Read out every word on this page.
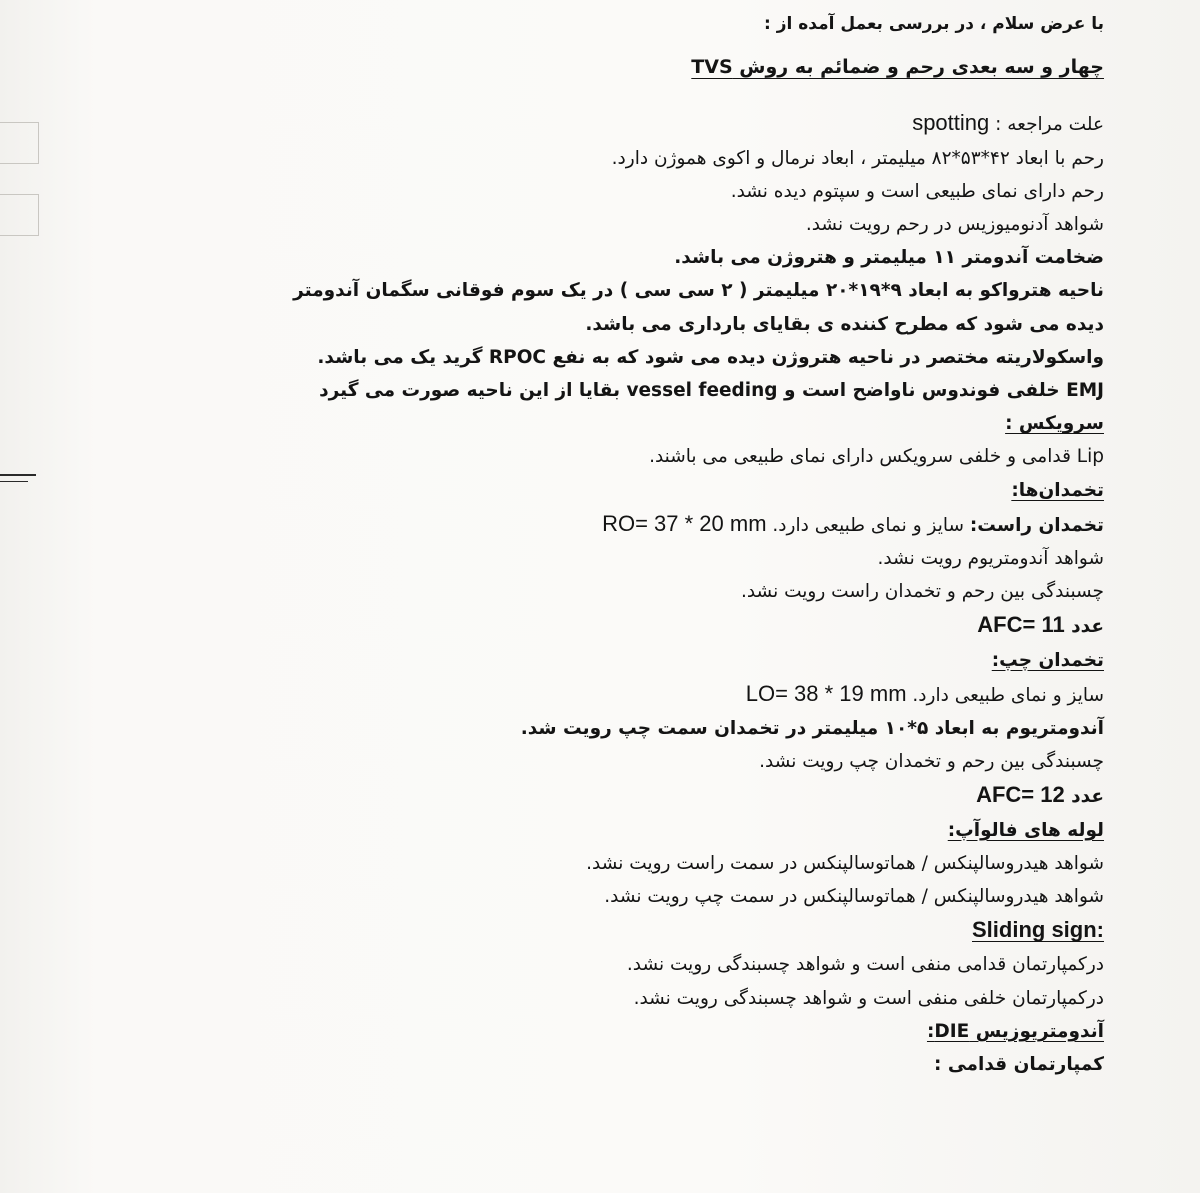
با عرض سلام ، در بررسی بعمل آمده از :
چهار و سه بعدی رحم و ضمائم به روش TVS
علت مراجعه : spotting
رحم با ابعاد ۴۲*۵۳*۸۲ میلیمتر ، ابعاد نرمال و اکوی هموژن دارد.
رحم دارای نمای طبیعی است و سپتوم دیده نشد.
شواهد آدنومیوزیس در رحم رویت نشد.
ضخامت آندومتر ۱۱ میلیمتر و هتروژن می باشد.
ناحیه هترواکو به ابعاد ۹*۱۹*۲۰ میلیمتر ( ۲ سی سی ) در یک سوم فوقانی سگمان آندومتر
دیده می شود که مطرح کننده ی بقایای بارداری می باشد.
واسکولاریته مختصر در ناحیه هتروژن دیده می شود که به نفع RPOC گرید یک می باشد.
EMJ خلفی فوندوس ناواضح است و vessel feeding بقایا از این ناحیه صورت می گیرد
سرویکس :
Lip قدامی و خلفی سرویکس دارای نمای طبیعی می باشند.
تخمدان‌ها:
تخمدان راست: سایز و نمای طبیعی دارد. RO= 37 * 20 mm
شواهد آندومتریوم رویت نشد.
چسبندگی بین رحم و تخمدان راست رویت نشد.
عدد AFC= 11
تخمدان چپ:
سایز و نمای طبیعی دارد. LO= 38 * 19 mm
آندومتریوم به ابعاد ۵*۱۰ میلیمتر در تخمدان سمت چپ رویت شد.
چسبندگی بین رحم و تخمدان چپ رویت نشد.
عدد AFC= 12
لوله های فالوآپ:
شواهد هیدروسالپنکس / هماتوسالپنکس در سمت راست رویت نشد.
شواهد هیدروسالپنکس / هماتوسالپنکس در سمت چپ رویت نشد.
Sliding sign:
درکمپارتمان قدامی منفی است و شواهد چسبندگی رویت نشد.
درکمپارتمان خلفی منفی است و شواهد چسبندگی رویت نشد.
آندومتریوزیس DIE:
کمپارتمان قدامی :
